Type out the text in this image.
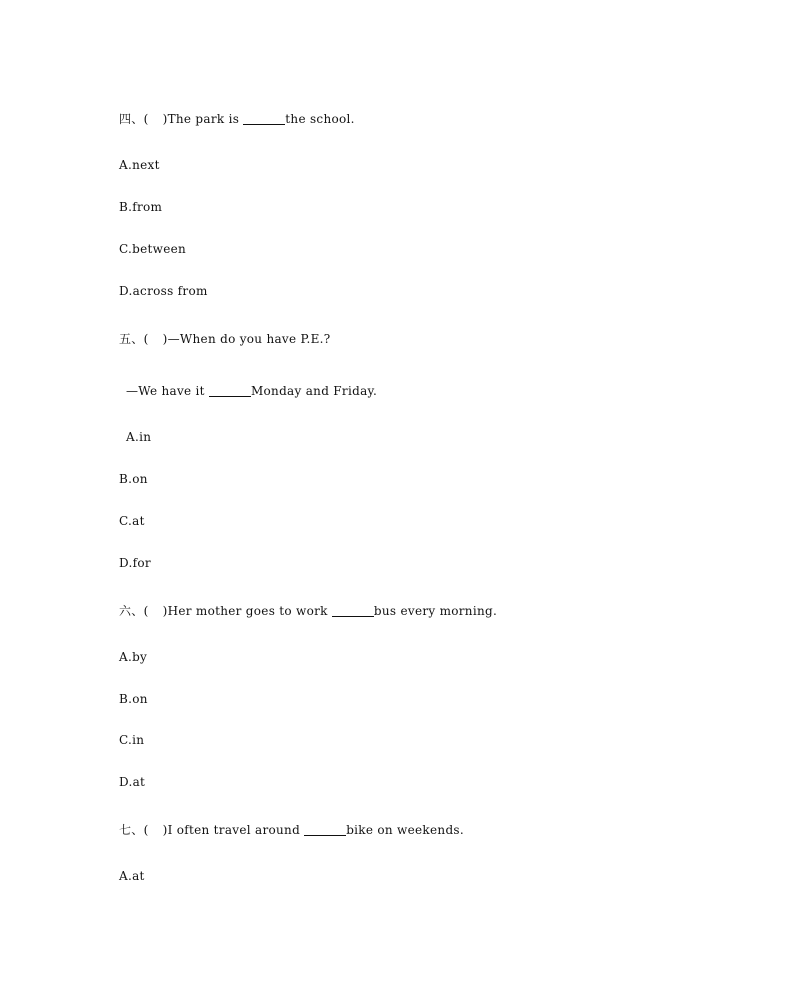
四、( )The park is	the school.
A.next
B.from
C.between
D.across from
五、( )—When do you have P.E.?
—We have it	Monday and Friday.
A.in
B.on
C.at
D.for
六、( )Her mother goes to work	bus every morning.
A.by
B.on
C.in
D.at
七、( )I often travel around	bike on weekends.
A.at
